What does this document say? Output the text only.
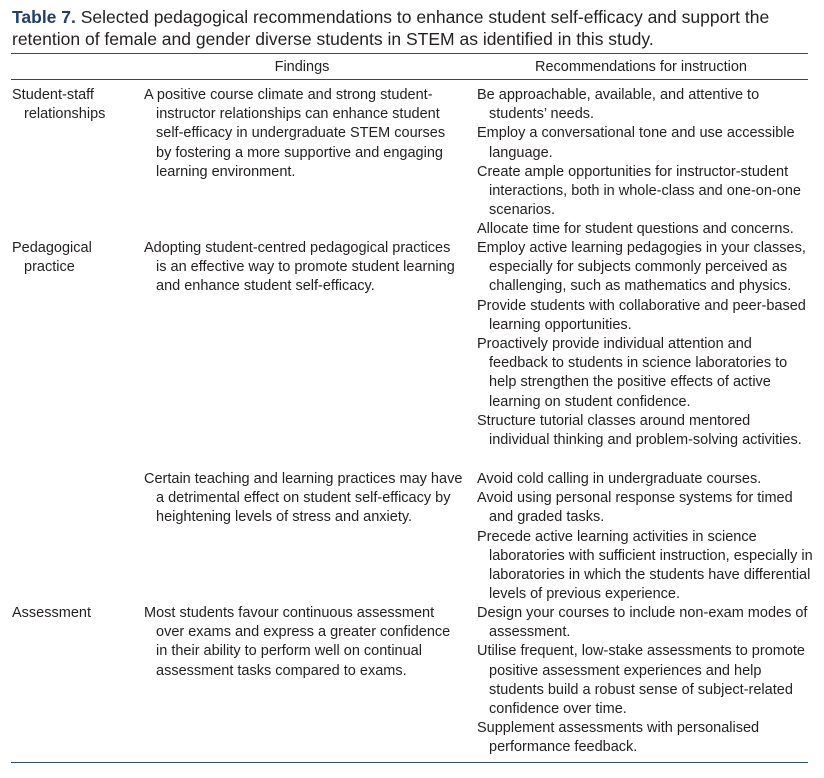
Table 7. Selected pedagogical recommendations to enhance student self-efficacy and support the retention of female and gender diverse students in STEM as identified in this study.
Findings	Recommendations for instruction

Student-staff relationships

A positive course climate and strong student-instructor relationships can enhance student self-efficacy in undergraduate STEM courses by fostering a more supportive and engaging learning environment.

Be approachable, available, and attentive to students’ needs.

Employ a conversational tone and use accessible language.

Create ample opportunities for instructor-student interactions, both in whole-class and one-on-one scenarios.

Allocate time for student questions and concerns.

Pedagogical practice

Adopting student-centred pedagogical practices is an effective way to promote student learning and enhance student self-efficacy.

Employ active learning pedagogies in your classes, especially for subjects commonly perceived as challenging, such as mathematics and physics.

Provide students with collaborative and peer-based learning opportunities.

Proactively provide individual attention and feedback to students in science laboratories to help strengthen the positive effects of active learning on student confidence.

Structure tutorial classes around mentored individual thinking and problem-solving activities.

Certain teaching and learning practices may have a detrimental effect on student self-efficacy by heightening levels of stress and anxiety.

Avoid cold calling in undergraduate courses.

Avoid using personal response systems for timed and graded tasks.

Precede active learning activities in science laboratories with sufficient instruction, especially in laboratories in which the students have differential levels of previous experience.

Assessment	Most students favour continuous assessment over exams and express a greater confidence in their ability to perform well on continual assessment tasks compared to exams.

Design your courses to include non-exam modes of assessment.

Utilise frequent, low-stake assessments to promote positive assessment experiences and help students build a robust sense of subject-related confidence over time.

Supplement assessments with personalised performance feedback.
